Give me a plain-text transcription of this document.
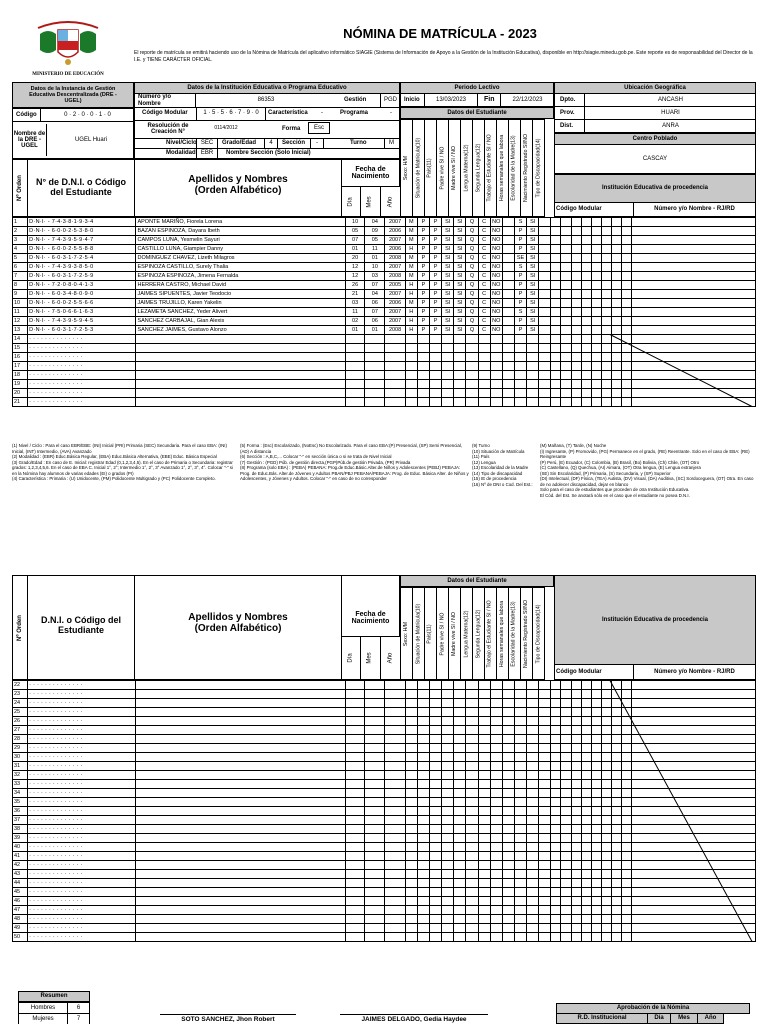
MINISTERIO DE EDUCACIÓN
NÓMINA DE MATRÍCULA - 2023
El reporte de matrícula se emitirá haciendo uso de la Nómina de Matrícula del aplicativo informático SIAGIE (Sistema de Información de Apoyo a la Gestión de la Institución Educativa), disponible en http://siagie.minedu.gob.pe. Este reporte es de responsabilidad del Director de la I.E. y TIENE CARÁCTER OFICIAL.
Datos de la Instancia de Gestión Educativa Descentralizada (DRE - UGEL)
Código	0 · 2 · 0 · 0 · 1 · 0
Nombre de la DRE - UGEL
UGEL Huari
Datos de la Institución Educativa o Programa Educativo
Número y/o Nombre
86353	Gestión	PGD
Código Modular	1 · 5 · 5 · 6 · 7 · 9 · 0	Característica	-	Programa	-
Resolución de Creación N°
0114/2012	Forma	Esc
Nivel/Ciclo SEC	Grado/Edad	4	Sección	-	Turno	M
Modalidad EBR	Nombre Sección (Solo Inicial)
Periodo Lectivo
Inicio	13/03/2023	Fin	22/12/2023
Ubicación Geográfica
Dpto.	ANCASH
Prov.	HUARI
Dist.	ANRA
Centro Poblado
CASCAY
Datos del Estudiante
Nº Orden	N° de D.N.I. o Código del Estudiante
Apellidos y Nombres (Orden Alfabético)
Fecha de Nacimiento
Día Mes Año
Sexo: H/M Situación de Matrícula(10) País(11) Padre vive SI / NO Madre vive SI / NO Lengua Materna(12) Segunda Lengua(12) Trabajo el Estudiante SI / NO Horas semanales que labora Escolaridad de la Madre(13) Nacimiento Registrado SI/NO Tipo de Discapacidad(14)	Institución Educativa de procedencia
Código Modular	Número y/o Nombre - RJ/RD
1	D·N·I· - 7·4·3·8·1·9·3·4	APONTE MARIÑO, Fiorela Lorena	10	04	2007	M	P	P	SI	SI	Q	C	NO		S	SI										
2	D·N·I· - 6·0·0·2·5·3·8·0	BAZAN ESPINOZA, Dayara Ibeth	05	09	2006	M	P	P	SI	SI	Q	C	NO		P	SI										
3	D·N·I· - 7·4·3·9·5·9·4·7	CAMPOS LUNA, Yesmelin Sayuri	07	05	2007	M	P	P	SI	SI	Q	C	NO		P	SI										
4	D·N·I· - 6·0·0·2·5·5·8·8	CASTILLO LUNA, Giampier Danny	01	11	2006	H	P	P	SI	SI	Q	C	NO		P	SI										
5	D·N·I· - 6·0·3·1·7·2·5·4	DOMINGUEZ CHAVEZ, Lizeth Milagros	20	01	2008	M	P	P	SI	SI	Q	C	NO		SE	SI										
6	D·N·I· - 7·4·3·9·3·8·5·0	ESPINOZA CASTILLO, Surely Thalia	12	10	2007	M	P	P	SI	SI	Q	C	NO		S	SI										
7	D·N·I· - 6·0·3·1·7·2·5·9	ESPINOZA ESPINOZA, Jimena Fernalda	12	03	2008	M	P	P	SI	SI	Q	C	NO		P	SI										
8	D·N·I· - 7·2·0·8·0·4·1·3	HERRERA CASTRO, Michael David	26	07	2005	H	P	P	SI	SI	Q	C	NO		P	SI										
9	D·N·I· - 6·0·3·4·8·0·9·0	JAIMES SIPUENTES, Javier Teodocio	21	04	2007	H	P	P	SI	SI	Q	C	NO		P	SI										
10	D·N·I· - 6·0·0·2·5·5·6·6	JAIMES TRUJILLO, Karen Yakelin	03	06	2006	M	P	P	SI	SI	Q	C	NO		P	SI										
11	D·N·I· - 7·5·0·6·6·1·6·3	LEZAMETA SANCHEZ, Yeder Alivert	11	07	2007	H	P	P	SI	SI	Q	C	NO		S	SI										
12	D·N·I· - 7·4·3·9·5·9·4·5	SANCHEZ CARBAJAL, Gian Alexis	02	06	2007	H	P	P	SI	SI	Q	C	NO		P	SI										
13	D·N·I· - 6·0·3·1·7·2·5·3	SANCHEZ JAIMES, Gustavo Alonzo	01	01	2008	H	P	P	SI	SI	Q	C	NO		P	SI										
14	· · · · · · · · · · · · · ·																									
15	· · · · · · · · · · · · · ·																									
16	· · · · · · · · · · · · · ·																									
17	· · · · · · · · · · · · · ·																									
18	· · · · · · · · · · · · · ·																									
19	· · · · · · · · · · · · · ·																									
20	· · · · · · · · · · · · · ·																									
21	· · · · · · · · · · · · · ·																									
(1) Nivel / Ciclo : Para el caso EBR/EBE: (INI) Inicial (PRI) Primaria (SEC) Secundaria. Para el caso EBA: (INI) Inicial, (INT) Intermedio, (AVA) Avanzado
(2) Modalidad : (EBR) Educ.Básica Regular, (EBA) Educ.Básica Alternativa, (EBE) Educ. Básica Especial
(3) Grado/Edad : En caso de E. Inicial: registrar Edad (0,1,2,3,4,5). En el caso de Primaria o Secundaria: registrar grados: 1,2,3,4,5,6. En el caso de EBA C. Inicial 1°, 2°; Intermedio 1°, 2°, 3° Avanzado 1°, 2°, 3°, 4°. Colocar "-" si en la Nómina hay alumnos de varias edades (EI) o grados (PI)
(4) Característica : Primaria : (U) Unidocente, (PM) Polidocente Multigrado y (PC) Polidocente Completo.
(5) Forma : (Esc) Escolarizado, (NoEsc) No Escolarizado. Para el caso EBA:(P) Presencial, (SP) Semi Presencial, (AD) A distancia
(6) Sección : A,B,C,... Colocar "-" en sección única o si se trata de Nivel Inicial
(7) Gestión : (PGD) Púb. de gestión directa,(PGP)Púb.de gestión Privada, (PR) Privada
(8) Programa (solo EBA) : (PEBA) PEBANA: Prog.de Educ.Básic.Alter.de Niños y Adolescentes (PEBJ) PEBAJA: Prog. de Educ.Bás. Alter.de Jóvenes y Adultos PBAN/PBJ PEBANA/PEBAJA: Prog. de Educ. Básica Alter. de Niños y Adolescentes, y Jóvenes y Adultos. Colocar "-" en caso de no corresponder
(9) Turno
(10) Situación de Matrícula
(11) País
(12) Lengua
(13) Escolaridad de la Madre
(14) Tipo de discapacidad
(15) IE de procedencia
(16) Nº de DNI o Cod. Del Est.:
(M) Mañana, (T) Tarde, (N) Noche
(I) Ingresante, (P) Promovido, (PG) Permanece en el grado, (RE) Reentrante. Solo en el caso de EBA: (RE) Reingresante
(P) Perú, (E) Ecuador, (C) Colombia, (B) Brasil, (Bo) Bolivia, (Ch) Chile, (OT) Otro
(C) Castellano, (Q) Quechua, (AI) Aimara, (OT) Otra lengua, (E) Lengua extranjera
(SE) Sin Escolaridad, (P) Primaria, (S) Secundaria, y (SP) Superior
(DI) Intelectual, (DF) Física, (TEA) Autista, (DV) Visual, (DA) Auditiva, (SC) Sordoceguera, (OT) Otra. En caso de no adolecer discapacidad, dejar en blanco
Solo para el caso de estudiantes que proceden de otra Institución Educativa.
El Cód. del Est. Se anotará sólo en el caso que el estudiante no posea D.N.I.
Datos del Estudiante
Nº Orden	D.N.I. o Código del Estudiante
Apellidos y Nombres (Orden Alfabético)
Fecha de Nacimiento
Día Mes Año
Sexo: H/M Situación de Matrícula(10) País(11) Padre vive SI / NO Madre vive SI / NO Lengua Materna(12) Segunda Lengua(12) Trabajo el Estudiante SI / NO Horas semanales que labora Escolaridad de la Madre(13) Nacimiento Registrado SI/NO Tipo de Discapacidad(14)	Institución Educativa de procedencia
Código Modular	Número y/o Nombre - RJ/RD
22	· · · · · · · · · · · · · ·																									
23	· · · · · · · · · · · · · ·																									
24	· · · · · · · · · · · · · ·																									
25	· · · · · · · · · · · · · ·																									
26	· · · · · · · · · · · · · ·																									
27	· · · · · · · · · · · · · ·																									
28	· · · · · · · · · · · · · ·																									
29	· · · · · · · · · · · · · ·																									
30	· · · · · · · · · · · · · ·																									
31	· · · · · · · · · · · · · ·																									
32	· · · · · · · · · · · · · ·																									
33	· · · · · · · · · · · · · ·																									
34	· · · · · · · · · · · · · ·																									
35	· · · · · · · · · · · · · ·																									
36	· · · · · · · · · · · · · ·																									
37	· · · · · · · · · · · · · ·																									
38	· · · · · · · · · · · · · ·																									
39	· · · · · · · · · · · · · ·																									
40	· · · · · · · · · · · · · ·																									
41	· · · · · · · · · · · · · ·																									
42	· · · · · · · · · · · · · ·																									
43	· · · · · · · · · · · · · ·																									
44	· · · · · · · · · · · · · ·																									
45	· · · · · · · · · · · · · ·																									
46	· · · · · · · · · · · · · ·																									
47	· · · · · · · · · · · · · ·																									
48	· · · · · · · · · · · · · ·																									
49	· · · · · · · · · · · · · ·																									
50	· · · · · · · · · · · · · ·																									
Resumen
Hombres	6
Mujeres	7	SOTO SANCHEZ, Jhon Robert	JAIMES DELGADO, Gedia Haydee
Aprobación de la Nómina
R.D. Institucional	Día	Mes	Año
